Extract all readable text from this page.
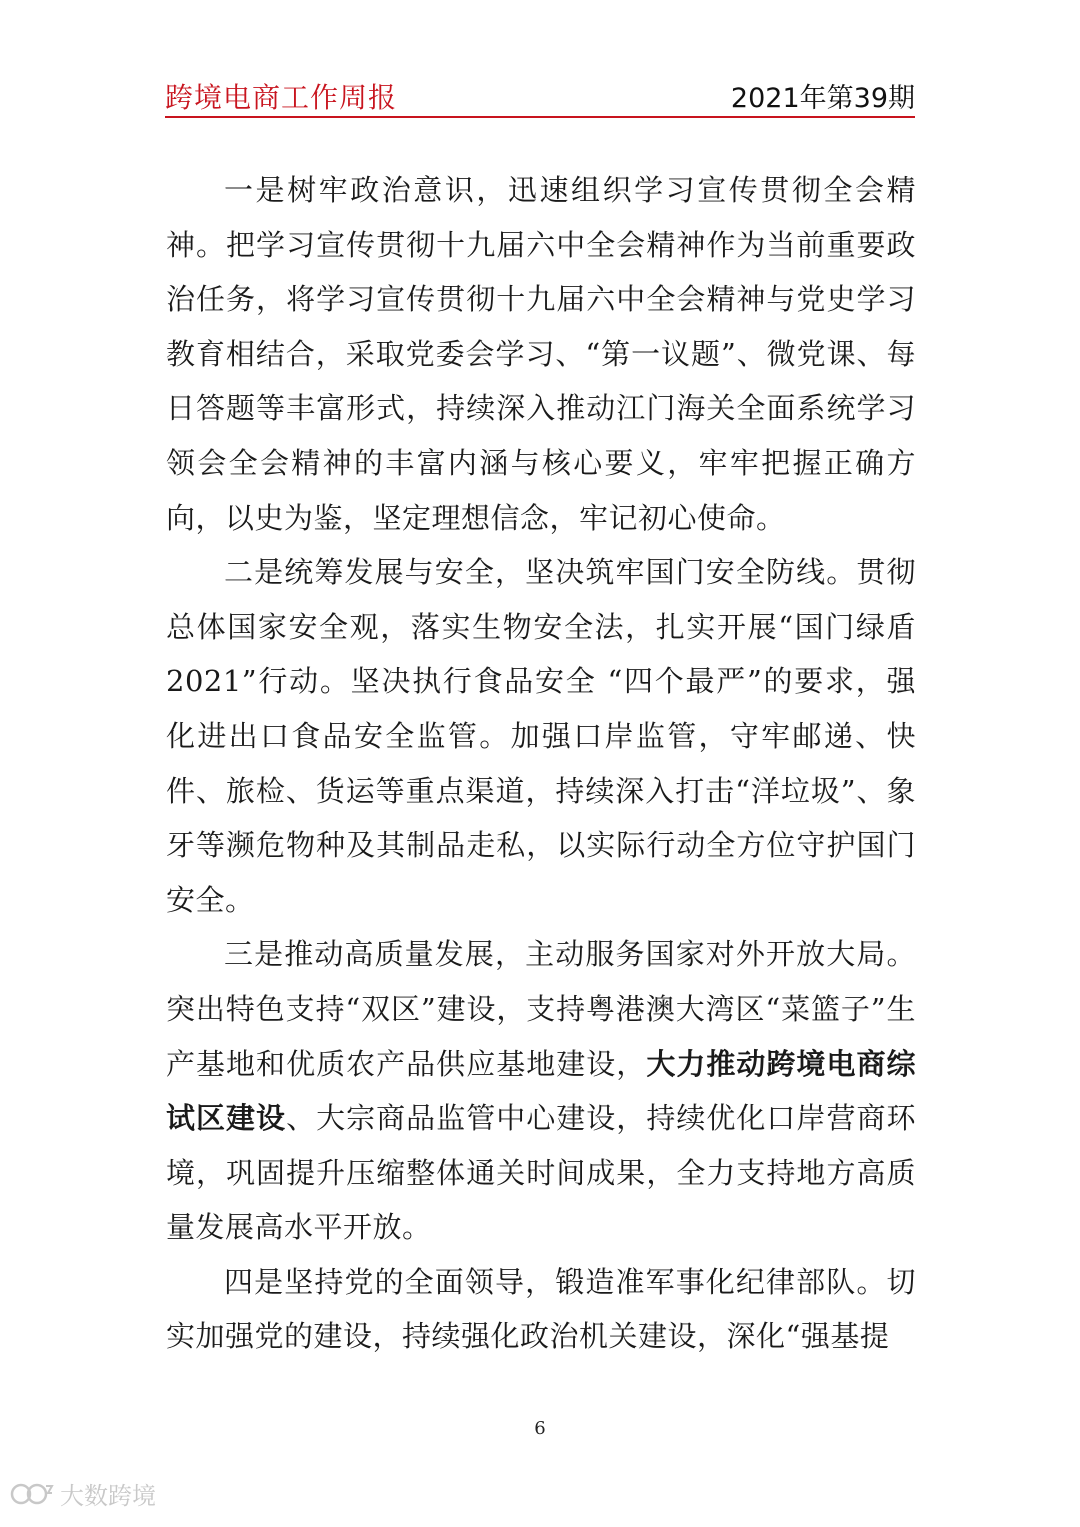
跨境电商工作周报	2021年第39期

一是树牢政治意识，迅速组织学习宣传贯彻全会精神。把学习宣传贯彻十九届六中全会精神作为当前重要政治任务，将学习宣传贯彻十九届六中全会精神与党史学习教育相结合，采取党委会学习、“第一议题”、微党课、每日答题等丰富形式，持续深入推动江门海关全面系统学习领会全会精神的丰富内涵与核心要义，牢牢把握正确方向，以史为鉴，坚定理想信念，牢记初心使命。

二是统筹发展与安全，坚决筑牢国门安全防线。贯彻总体国家安全观，落实生物安全法，扎实开展“国门绿盾2021”行动。坚决执行食品安全 “四个最严”的要求，强化进出口食品安全监管。加强口岸监管，守牢邮递、快件、旅检、货运等重点渠道，持续深入打击“洋垃圾”、象牙等濒危物种及其制品走私，以实际行动全方位守护国门安全。

三是推动高质量发展，主动服务国家对外开放大局。突出特色支持“双区”建设，支持粤港澳大湾区“菜篮子”生产基地和优质农产品供应基地建设，大力推动跨境电商综试区建设、大宗商品监管中心建设，持续优化口岸营商环境，巩固提升压缩整体通关时间成果，全力支持地方高质量发展高水平开放。

四是坚持党的全面领导，锻造准军事化纪律部队。切实加强党的建设，持续强化政治机关建设，深化“强基提

6
大数跨境
